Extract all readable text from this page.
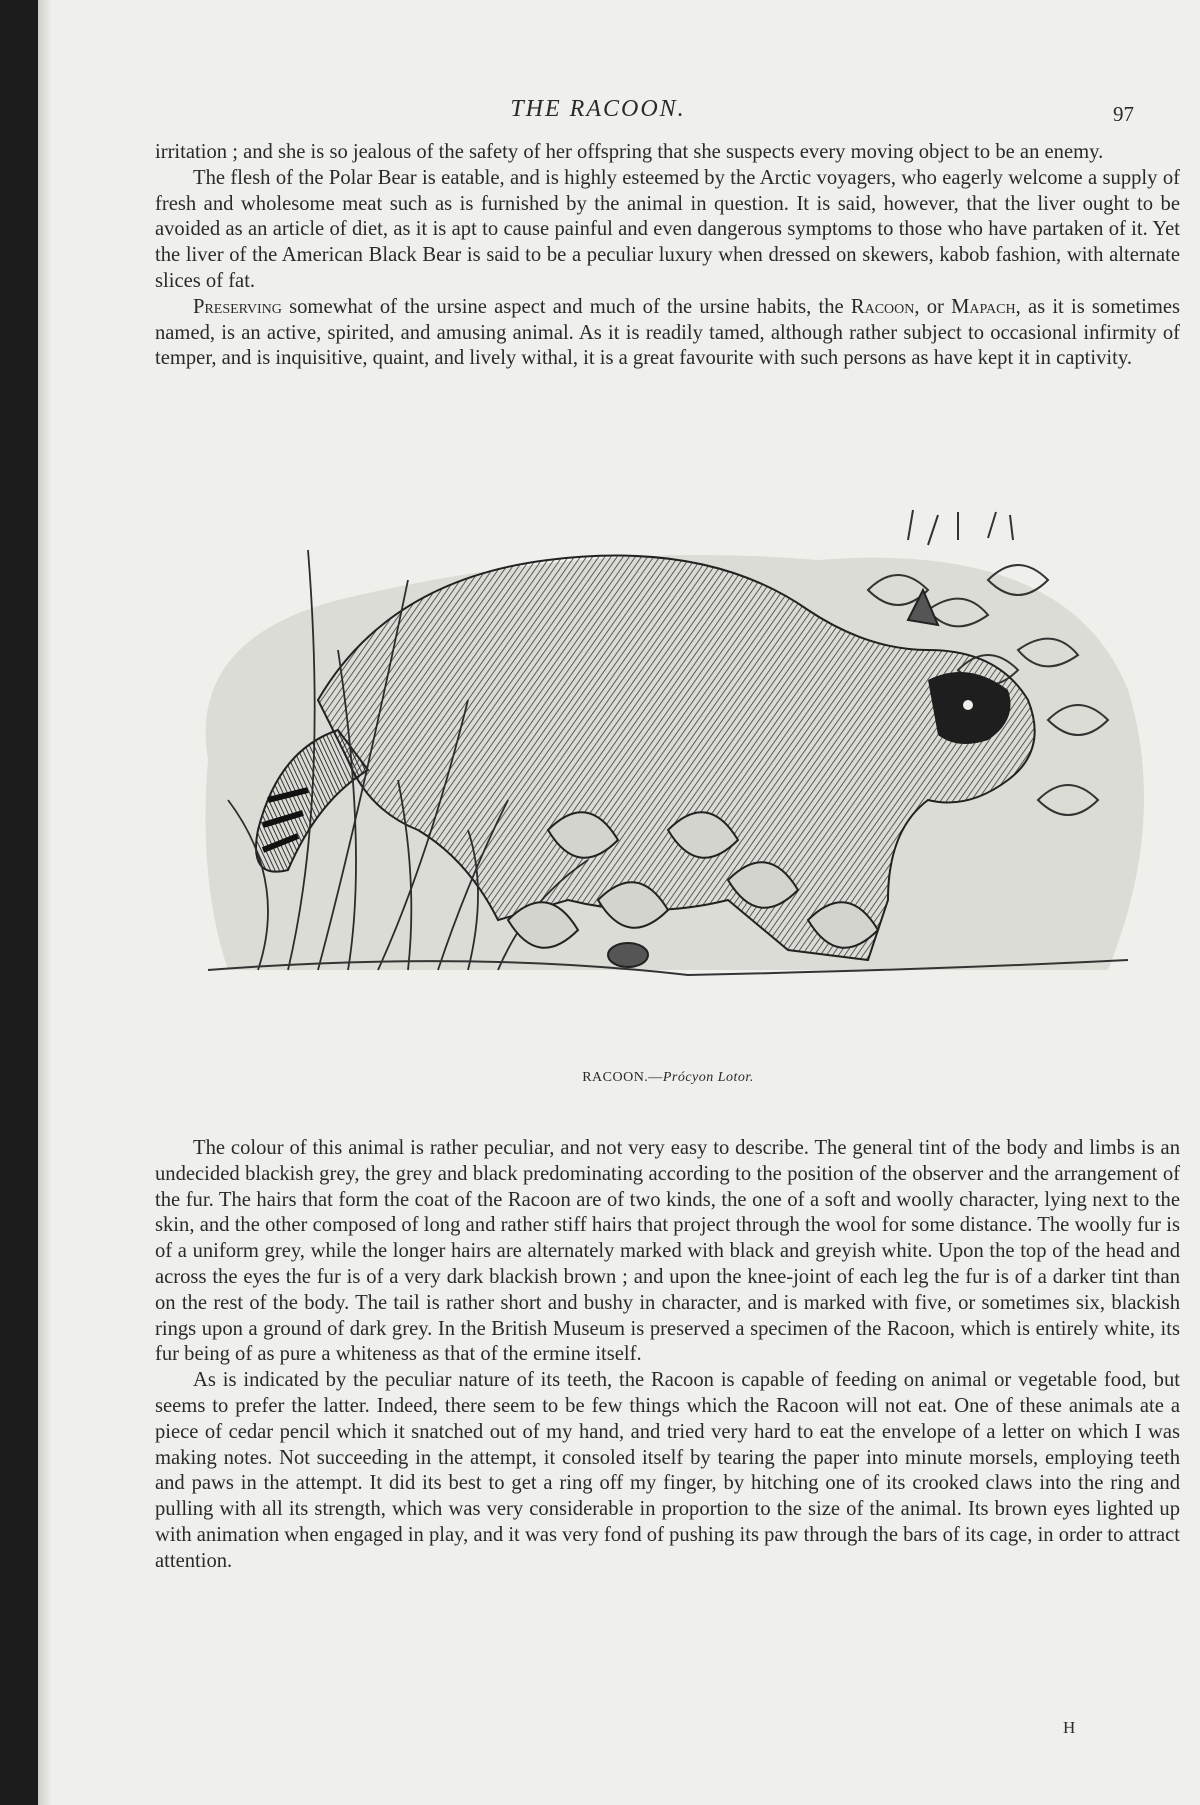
THE RACOON.	97

irritation ; and she is so jealous of the safety of her offspring that she suspects every moving object to be an enemy.

The flesh of the Polar Bear is eatable, and is highly esteemed by the Arctic voyagers, who eagerly welcome a supply of fresh and wholesome meat such as is furnished by the animal in question. It is said, however, that the liver ought to be avoided as an article of diet, as it is apt to cause painful and even dangerous symptoms to those who have partaken of it. Yet the liver of the American Black Bear is said to be a peculiar luxury when dressed on skewers, kabob fashion, with alternate slices of fat.

Preserving somewhat of the ursine aspect and much of the ursine habits, the Racoon, or Mapach, as it is sometimes named, is an active, spirited, and amusing animal. As it is readily tamed, although rather subject to occasional infirmity of temper, and is inquisitive, quaint, and lively withal, it is a great favourite with such persons as have kept it in captivity.

RACOON.—Prócyon Lotor.

The colour of this animal is rather peculiar, and not very easy to describe. The general tint of the body and limbs is an undecided blackish grey, the grey and black predominating according to the position of the observer and the arrangement of the fur. The hairs that form the coat of the Racoon are of two kinds, the one of a soft and woolly character, lying next to the skin, and the other composed of long and rather stiff hairs that project through the wool for some distance. The woolly fur is of a uniform grey, while the longer hairs are alternately marked with black and greyish white. Upon the top of the head and across the eyes the fur is of a very dark blackish brown ; and upon the knee-joint of each leg the fur is of a darker tint than on the rest of the body. The tail is rather short and bushy in character, and is marked with five, or sometimes six, blackish rings upon a ground of dark grey. In the British Museum is preserved a specimen of the Racoon, which is entirely white, its fur being of as pure a whiteness as that of the ermine itself.

As is indicated by the peculiar nature of its teeth, the Racoon is capable of feeding on animal or vegetable food, but seems to prefer the latter. Indeed, there seem to be few things which the Racoon will not eat. One of these animals ate a piece of cedar pencil which it snatched out of my hand, and tried very hard to eat the envelope of a letter on which I was making notes. Not succeeding in the attempt, it consoled itself by tearing the paper into minute morsels, employing teeth and paws in the attempt. It did its best to get a ring off my finger, by hitching one of its crooked claws into the ring and pulling with all its strength, which was very considerable in proportion to the size of the animal. Its brown eyes lighted up with animation when engaged in play, and it was very fond of pushing its paw through the bars of its cage, in order to attract attention.

H
